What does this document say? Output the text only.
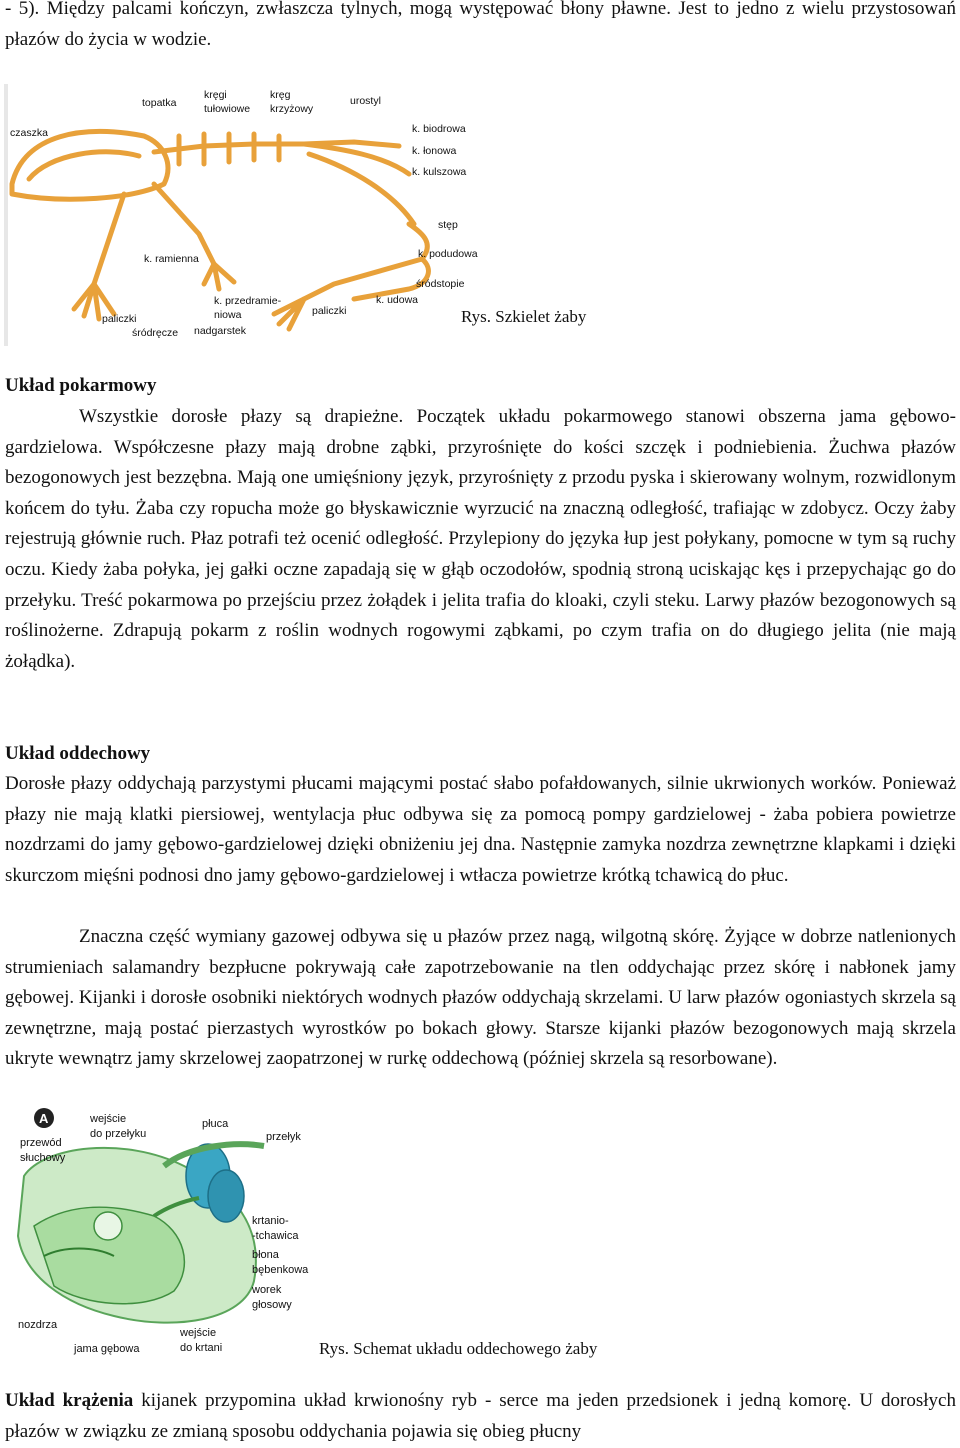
- 5). Między palcami kończyn, zwłaszcza tylnych, mogą występować błony pławne. Jest to jedno z wielu przystosowań płazów do życia w wodzie.

czaszka
topatka
kręgi
tułowiowe
kręg
krzyżowy
urostyl
k. biodrowa
k. łonowa
k. kulszowa
stęp
k. podudowa
śródstopie
k. ramienna
k. przedramie-
niowa
k. udowa
paliczki
paliczki
śródręcze nadgarstek
Rys. Szkielet żaby

Układ pokarmowy

Wszystkie dorosłe płazy są drapieżne. Początek układu pokarmowego stanowi obszerna jama gębowo-gardzielowa. Współczesne płazy mają drobne ząbki, przyrośnięte do kości szczęk i podniebienia. Żuchwa płazów bezogonowych jest bezzębna. Mają one umięśniony język, przyrośnięty z przodu pyska i skierowany wolnym, rozwidlonym końcem do tyłu. Żaba czy ropucha może go błyskawicznie wyrzucić na znaczną odległość, trafiając w zdobycz. Oczy żaby rejestrują głównie ruch. Płaz potrafi też ocenić odległość. Przylepiony do języka łup jest połykany, pomocne w tym są ruchy oczu. Kiedy żaba połyka, jej gałki oczne zapadają się w głąb oczodołów, spodnią stroną uciskając kęs i przepychając go do przełyku. Treść pokarmowa po przejściu przez żołądek i jelita trafia do kloaki, czyli steku. Larwy płazów bezogonowych są roślinożerne. Zdrapują pokarm z roślin wodnych rogowymi ząbkami, po czym trafia on do długiego jelita (nie mają żołądka).

Układ oddechowy

Dorosłe płazy oddychają parzystymi płucami mającymi postać słabo pofałdowanych, silnie ukrwionych worków. Ponieważ płazy nie mają klatki piersiowej, wentylacja płuc odbywa się za pomocą pompy gardzielowej - żaba pobiera powietrze nozdrzami do jamy gębowo-gardzielowej dzięki obniżeniu jej dna. Następnie zamyka nozdrza zewnętrzne klapkami i dzięki skurczom mięśni podnosi dno jamy gębowo-gardzielowej i wtłacza powietrze krótką tchawicą do płuc.

Znaczna część wymiany gazowej odbywa się u płazów przez nagą, wilgotną skórę. Żyjące w dobrze natlenionych strumieniach salamandry bezpłucne pokrywają całe zapotrzebowanie na tlen oddychając przez skórę i nabłonek jamy gębowej. Kijanki i dorosłe osobniki niektórych wodnych płazów oddychają skrzelami. U larw płazów ogoniastych skrzela są zewnętrzne, mają postać pierzastych wyrostków po bokach głowy. Starsze kijanki płazów bezogonowych mają skrzela ukryte wewnątrz jamy skrzelowej zaopatrzonej w rurkę oddechową (później skrzela są resorbowane).

A
przewód
słuchowy
wejście
do przełyku
płuca
przełyk
krtanio-
-tchawica
błona
bębenkowa
worek
głosowy
nozdrza
jama gębowa
wejście
do krtani	Rys. Schemat układu oddechowego żaby

Układ krążenia kijanek przypomina układ krwionośny ryb - serce ma jeden przedsionek i jedną komorę. U dorosłych płazów w związku ze zmianą sposobu oddychania pojawia się obieg płucny
